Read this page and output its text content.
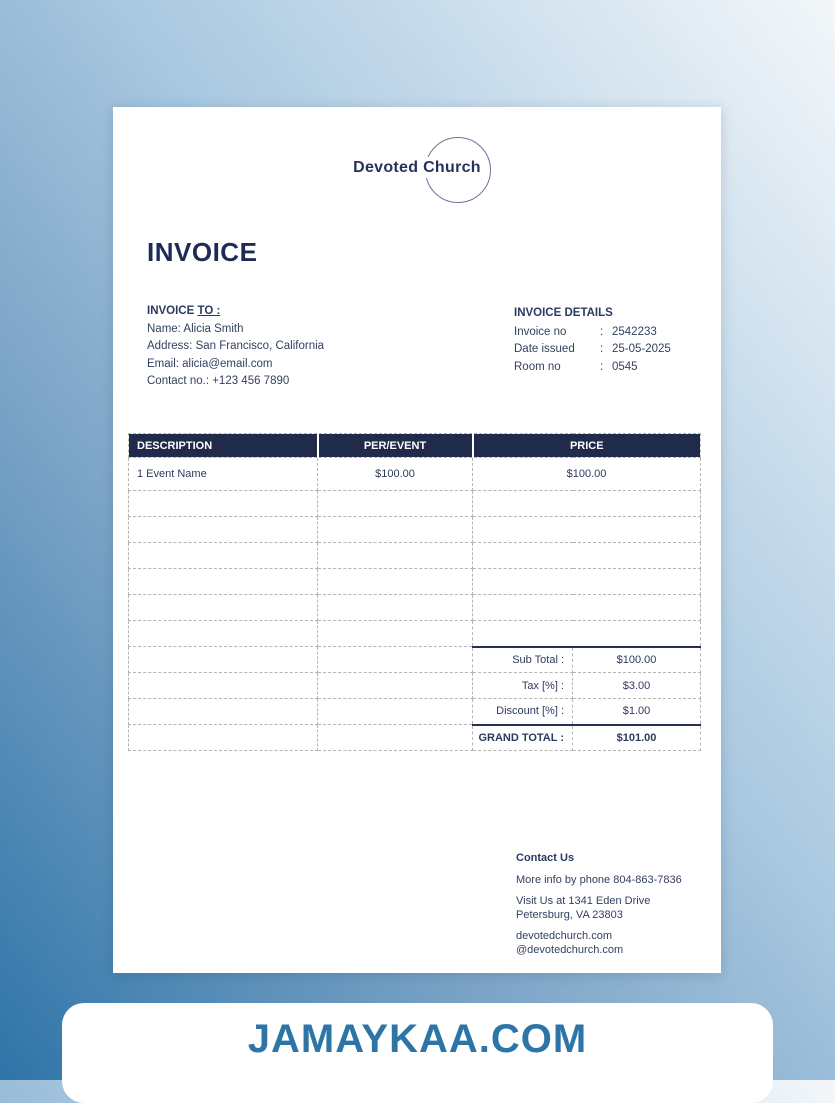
Devoted Church
INVOICE
INVOICE TO :
Name: Alicia Smith
Address: San Francisco, California
Email: alicia@email.com
Contact no.: +123 456 7890
INVOICE DETAILS
Invoice no	: 2542233
Date issued	: 25-05-2025
Room no	: 0545
DESCRIPTION	PER/EVENT	PRICE	
1 Event Name	$100.00	$100.00	

		Sub Total :	$100.00
		Tax [%] :	$3.00
		Discount [%] :	$1.00
		GRAND TOTAL :	$101.00
Contact Us

More info by phone 804-863-7836

Visit Us at 1341 Eden Drive
Petersburg, VA 23803

devotedchurch.com
@devotedchurch.com

JAMAYKAA.COM
